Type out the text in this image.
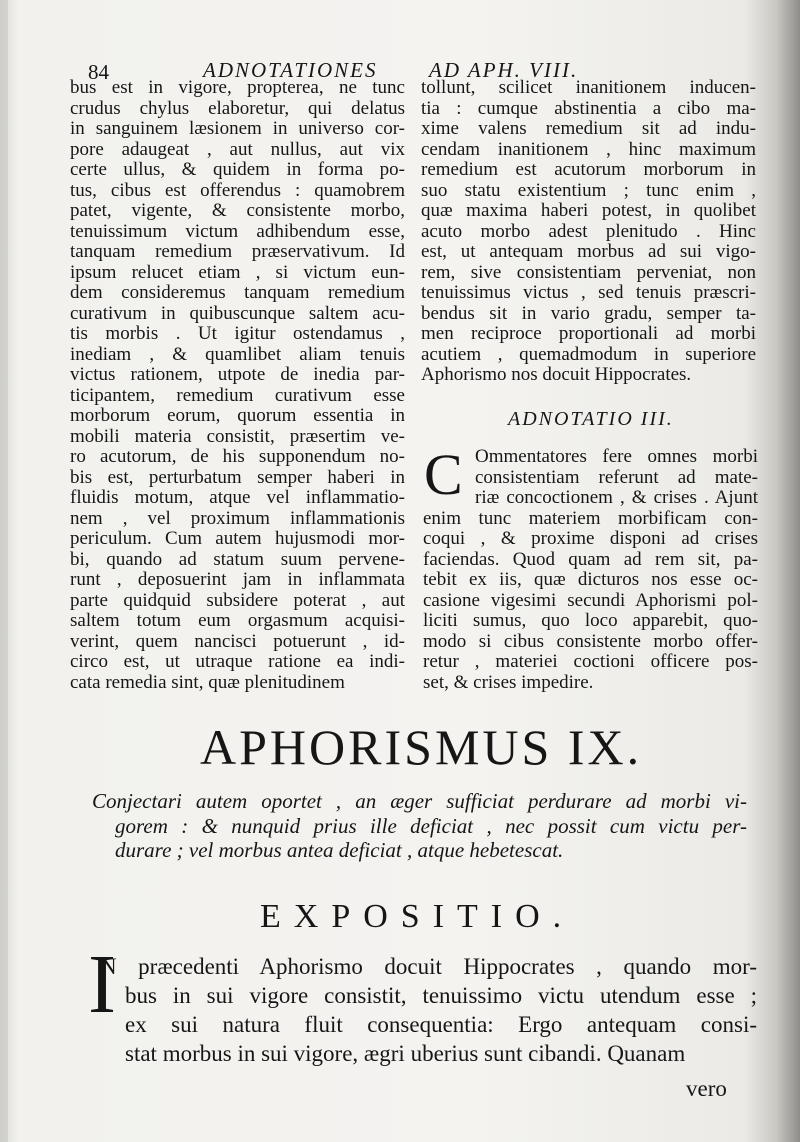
84	ADNOTATIONES AD APH. VIII.
bus est in vigore, propterea, ne tunc
crudus chylus elaboretur, qui delatus
in sanguinem læsionem in universo cor-
pore adaugeat , aut nullus, aut vix
certe ullus, & quidem in forma po-
tus, cibus est offerendus : quamobrem
patet, vigente, & consistente morbo,
tenuissimum victum adhibendum esse,
tanquam remedium præservativum. Id
ipsum relucet etiam , si victum eun-
dem consideremus tanquam remedium
curativum in quibuscunque saltem acu-
tis morbis . Ut igitur ostendamus ,
inediam , & quamlibet aliam tenuis
victus rationem, utpote de inedia par-
ticipantem, remedium curativum esse
morborum eorum, quorum essentia in
mobili materia consistit, præsertim ve-
ro acutorum, de his supponendum no-
bis est, perturbatum semper haberi in
fluidis motum, atque vel inflammatio-
nem , vel proximum inflammationis
periculum. Cum autem hujusmodi mor-
bi, quando ad statum suum pervene-
runt , deposuerint jam in inflammata
parte quidquid subsidere poterat , aut
saltem totum eum orgasmum acquisi-
verint, quem nancisci potuerunt , id-
circo est, ut utraque ratione ea indi-
cata remedia sint, quæ plenitudinem
tollunt, scilicet inanitionem inducen-
tia : cumque abstinentia a cibo ma-
xime valens remedium sit ad indu-
cendam inanitionem , hinc maximum
remedium est acutorum morborum in
suo statu existentium ; tunc enim ,
quæ maxima haberi potest, in quolibet
acuto morbo adest plenitudo . Hinc
est, ut antequam morbus ad sui vigo-
rem, sive consistentiam perveniat, non
tenuissimus victus , sed tenuis præscri-
bendus sit in vario gradu, semper ta-
men reciproce proportionali ad morbi
acutiem , quemadmodum in superiore
Aphorismo nos docuit Hippocrates.
ADNOTATIO III.
C Ommentatores fere omnes morbi
consistentiam referunt ad mate-
riæ concoctionem , & crises . Ajunt
enim tunc materiem morbificam con-
coqui , & proxime disponi ad crises
faciendas. Quod quam ad rem sit, pa-
tebit ex iis, quæ dicturos nos esse oc-
casione vigesimi secundi Aphorismi pol-
liciti sumus, quo loco apparebit, quo-
modo si cibus consistente morbo offer-
retur , materiei coctioni officere pos-
set, & crises impedire.
APHORISMUS IX.
Conjectari autem oportet , an æger sufficiat perdurare ad morbi vi-
gorem : & nunquid prius ille deficiat , nec possit cum victu per-
durare ; vel morbus antea deficiat , atque hebetescat.
EXPOSITIO.
I
N præcedenti Aphorismo docuit Hippocrates , quando mor-
bus in sui vigore consistit, tenuissimo victu utendum esse ;
ex sui natura fluit consequentia: Ergo antequam consi-
stat morbus in sui vigore, ægri uberius sunt cibandi. Quanam
vero
